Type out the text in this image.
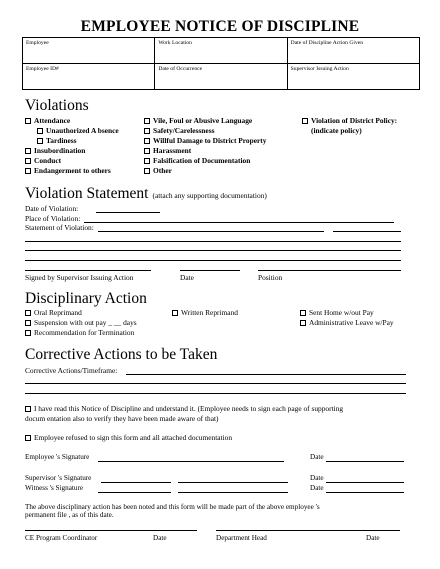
EMPLOYEE NOTICE OF DISCIPLINE
Employee	Work Location	Date of Discipline Action Given
Employee ID#	Date of Occurrence	Supervisor Issuing Action
Violations
Attendance
Unauthorized A bsence
Tardiness
Insubordination
Conduct
Endangerment to others
Vile, Foul or Abusive Language
Safety/Carelessness
Willful Damage to District Property
Harassment
Falsification of Documentation
Other
Violation of District Policy:
(indicate policy)
Violation Statement (attach any supporting documentation)
Date of Violation:
Place of Violation:
Statement of Violation:
Signed by Supervisor Issuing Action	Date	Position
Disciplinary Action
Oral Reprimand
Suspension with out pay _ __ days
Recommendation for Termination
Written Reprimand	Sent Home w/out Pay
Administrative Leave w/Pay
Corrective Actions to be Taken
Corrective Actions/Timeframe:
I have read this Notice of Discipline and understand it. (Employee needs to sign each page of supporting
docum entation also to verify they have been made aware of that)
Employee refused to sign this form and all attached documentation
Employee 's Signature	Date
Supervisor 's Signature	Date
Witness 's Signature	Date
The above disciplinary action has been noted and this form will be made part of the above employee 's
permanent file , as of this date.
CE Program Coordinator	Date	Department Head	Date
